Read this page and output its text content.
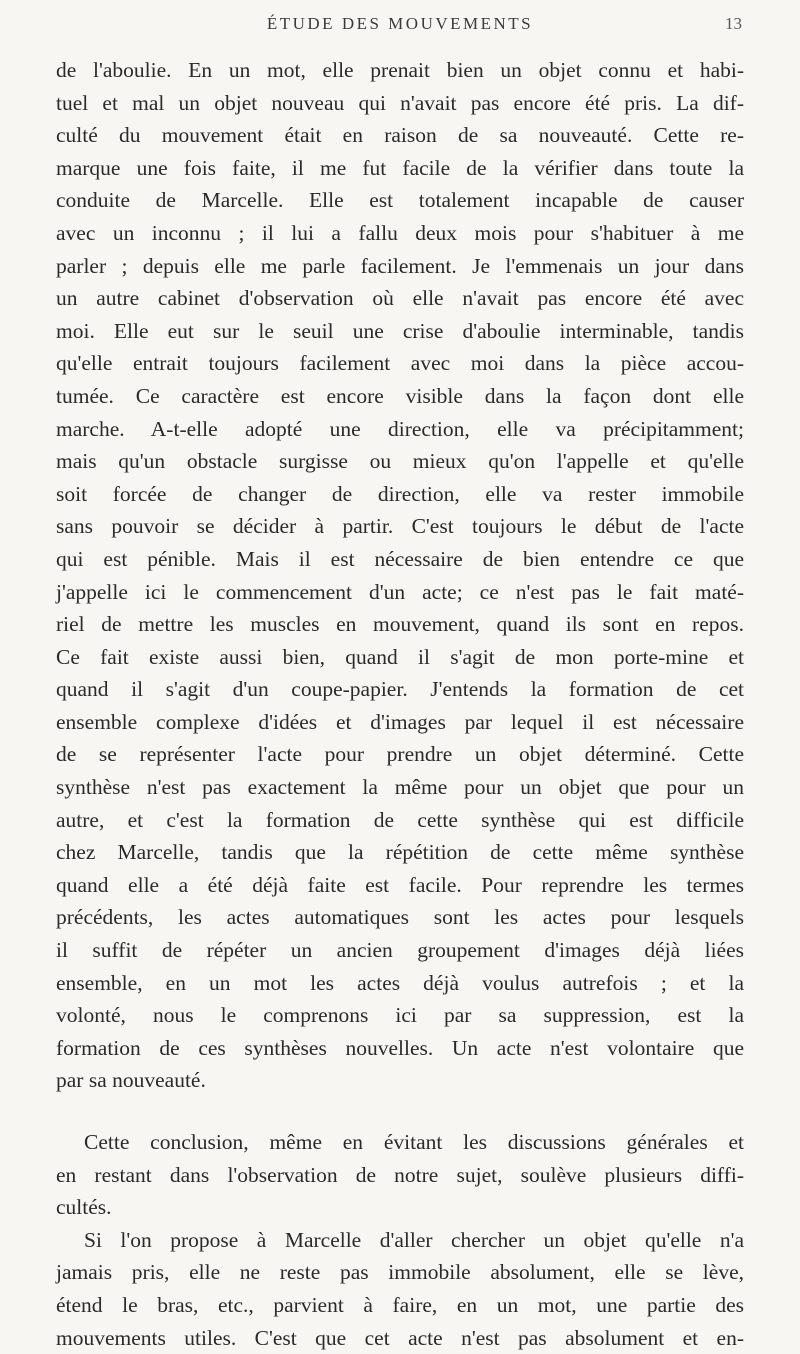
ÉTUDE DES MOUVEMENTS	13
de l'aboulie. En un mot, elle prenait bien un objet connu et habi-
tuel et mal un objet nouveau qui n'avait pas encore été pris. La dif-
culté du mouvement était en raison de sa nouveauté. Cette re-
marque une fois faite, il me fut facile de la vérifier dans toute la
conduite de Marcelle. Elle est totalement incapable de causer
avec un inconnu ; il lui a fallu deux mois pour s'habituer à me
parler ; depuis elle me parle facilement. Je l'emmenais un jour dans
un autre cabinet d'observation où elle n'avait pas encore été avec
moi. Elle eut sur le seuil une crise d'aboulie interminable, tandis
qu'elle entrait toujours facilement avec moi dans la pièce accou-
tumée. Ce caractère est encore visible dans la façon dont elle
marche. A-t-elle adopté une direction, elle va précipitamment;
mais qu'un obstacle surgisse ou mieux qu'on l'appelle et qu'elle
soit forcée de changer de direction, elle va rester immobile
sans pouvoir se décider à partir. C'est toujours le début de l'acte
qui est pénible. Mais il est nécessaire de bien entendre ce que
j'appelle ici le commencement d'un acte; ce n'est pas le fait maté-
riel de mettre les muscles en mouvement, quand ils sont en repos.
Ce fait existe aussi bien, quand il s'agit de mon porte-mine et
quand il s'agit d'un coupe-papier. J'entends la formation de cet
ensemble complexe d'idées et d'images par lequel il est nécessaire
de se représenter l'acte pour prendre un objet déterminé. Cette
synthèse n'est pas exactement la même pour un objet que pour un
autre, et c'est la formation de cette synthèse qui est difficile
chez Marcelle, tandis que la répétition de cette même synthèse
quand elle a été déjà faite est facile. Pour reprendre les termes
précédents, les actes automatiques sont les actes pour lesquels
il suffit de répéter un ancien groupement d'images déjà liées
ensemble, en un mot les actes déjà voulus autrefois ; et la
volonté, nous le comprenons ici par sa suppression, est la
formation de ces synthèses nouvelles. Un acte n'est volontaire que
par sa nouveauté.
Cette conclusion, même en évitant les discussions générales et
en restant dans l'observation de notre sujet, soulève plusieurs diffi-
cultés.
Si l'on propose à Marcelle d'aller chercher un objet qu'elle n'a
jamais pris, elle ne reste pas immobile absolument, elle se lève,
étend le bras, etc., parvient à faire, en un mot, une partie des
mouvements utiles. C'est que cet acte n'est pas absolument et en-
